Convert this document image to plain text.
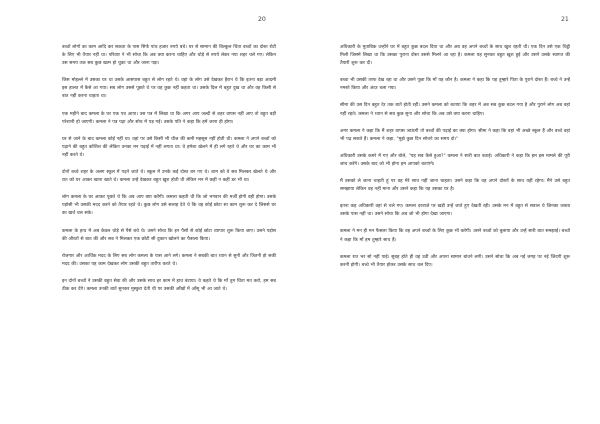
20

बच्चों लोगों का काम आदि कर सकता के पास सिर्फ पांच हजार रुपये बचे। घर से सामान की बिल्कुल चिंता बच्चों का दोस्त रोटी के लिए भी तैयार नहीं था। परिवार ने भी सोचा कि अब क्या करना चाहिए और थोड़े से रुपये लेकर नया शहर चले गए। लेकिन उस समय तक सब कुछ खत्म हो चुका था और जाना पड़ा।

जिस मोहल्ले में उसका घर था उसके आसपास बहुत से लोग रहते थे। वहां के लोग उसे देखकर हैरान थे कि इतना बड़ा आदमी इस हालत में कैसे आ गया। सब लोग उससे पूछते थे पर वह कुछ नहीं कहता था। उसके दिल में बहुत दुख था और वह किसी से बात नहीं करना चाहता था।

एक महीने बाद कमला के घर एक पत्र आया। उस पत्र में लिखा था कि अगर आप जल्दी से शहर वापस नहीं आए तो बहुत बड़ी परेशानी हो जाएगी। कमला ने पत्र पढ़ा और सोच में पड़ गई। उसके पति ने कहा कि हमें जाना ही होगा।

घर से जाने के बाद कमला कोई नहीं था। वहां पर उसे किसी भी चीज की कमी महसूस नहीं होती थी। कमला ने अपने बच्चों को पढ़ाने की बहुत कोशिश की लेकिन उनका मन पढ़ाई में नहीं लगता था। वे हमेशा खेलने में ही लगे रहते थे और घर का काम भी नहीं करते थे।

दोनों बच्चे शहर के अलग स्कूल में पढ़ने जाते थे। स्कूल में उनके कई दोस्त बन गए थे। शाम को वे सब मिलकर खेलते थे और रात को घर आकर खाना खाते थे। कमला उन्हें देखकर बहुत खुश होती थी लेकिन मन में कहीं न कहीं डर भी था।

लोग कमला के घर आकर पूछते थे कि अब आप क्या करेंगी। कमला कहती थी कि जो भगवान की मर्जी होगी वही होगा। उसके पड़ोसी भी उसकी मदद करने को तैयार रहते थे। कुछ लोग उसे सलाह देते थे कि वह कोई छोटा सा काम शुरू कर दे जिससे घर का खर्च चल सके।

कमला के हाथ में अब केवल थोड़े से पैसे बचे थे। उसने सोचा कि इन पैसों से कोई छोटा व्यापार शुरू किया जाए। उसने पड़ोस की औरतों से बात की और सब ने मिलकर एक छोटी सी दुकान खोलने का फैसला किया।

रोजगार और आर्थिक मदद के लिए सब लोग कमला के पास आने लगे। कमला ने सबकी बात ध्यान से सुनी और जितनी हो सकी मदद की। उसका यह काम देखकर लोग उसकी बहुत तारीफ करते थे।

इन दोनों बच्चों ने उसकी बहुत सेवा की और उसके साथ हर काम में हाथ बंटाया। वे कहते थे कि माँ तुम चिंता मत करो, हम सब ठीक कर देंगे। कमला उनकी बातें सुनकर मुस्कुरा देती थी पर उसकी आँखों में आँसू भी आ जाते थे।

21

अधिकारी के मुताबिक उन्होंने घर में बहुत कुछ बदल दिया था और अब वह अपने बच्चों के साथ खुश रहती थी। एक दिन उसे एक चिट्ठी मिली जिसमें लिखा था कि उसका पुराना दोस्त उससे मिलने आ रहा है। कमला यह सुनकर बहुत खुश हुई और उसने उसके स्वागत की तैयारी शुरू कर दी।

बच्चा भी उसकी तरफ देख रहा था और उसने पूछा कि माँ यह कौन है। कमला ने कहा कि यह तुम्हारे पिता के पुराने दोस्त हैं। बच्चे ने उन्हें नमस्ते किया और अंदर चला गया।

सीमा की उस दिन बहुत देर तक बातें होती रहीं। उसने कमला को बताया कि शहर में अब सब कुछ बदल गया है और पुराने लोग अब वहां नहीं रहते। कमला ने ध्यान से सब कुछ सुना और सोचा कि अब उसे क्या करना चाहिए।

अगर कमला ने कहा कि मैं शहर वापस जाऊंगी तो बच्चों की पढ़ाई का क्या होगा। सीमा ने कहा कि वहां भी अच्छे स्कूल हैं और बच्चे वहां भी पढ़ सकते हैं। कमला ने कहा, "मुझे कुछ दिन सोचने का समय दो।"

अधिकारी उसके कमरे में गए और बोले, "यह सब कैसे हुआ?" कमला ने सारी बात बताई। अधिकारी ने कहा कि हम इस मामले की पूरी जांच करेंगे। उसके बाद जो भी होगा हम आपको बताएंगे।

मैं उसको ले जाना चाहती हूं पर वह मेरे साथ नहीं जाना चाहता। उसने कहा कि वह अपने दोस्तों के साथ यहीं रहेगा। मैंने उसे बहुत समझाया लेकिन वह नहीं माना और उसने कहा कि यह उसका घर है।

इतना कह अधिकारी वहां से चले गए। कमला दरवाजे पर खड़ी उन्हें जाते हुए देखती रही। उसके मन में बहुत से सवाल थे जिनका जवाब उसके पास नहीं था। उसने सोचा कि अब जो भी होगा देखा जाएगा।

कमला ने मन ही मन फैसला किया कि वह अपने बच्चों के लिए कुछ भी करेगी। उसने बच्चों को बुलाया और उन्हें सारी बात समझाई। बच्चों ने कहा कि माँ हम तुम्हारे साथ हैं।

कमला रात भर सो नहीं पाई। सुबह होते ही वह उठी और अपना सामान बांधने लगी। उसने सोचा कि अब नई जगह पर नई जिंदगी शुरू करनी होगी। बच्चे भी तैयार होकर उसके साथ चल दिए।
